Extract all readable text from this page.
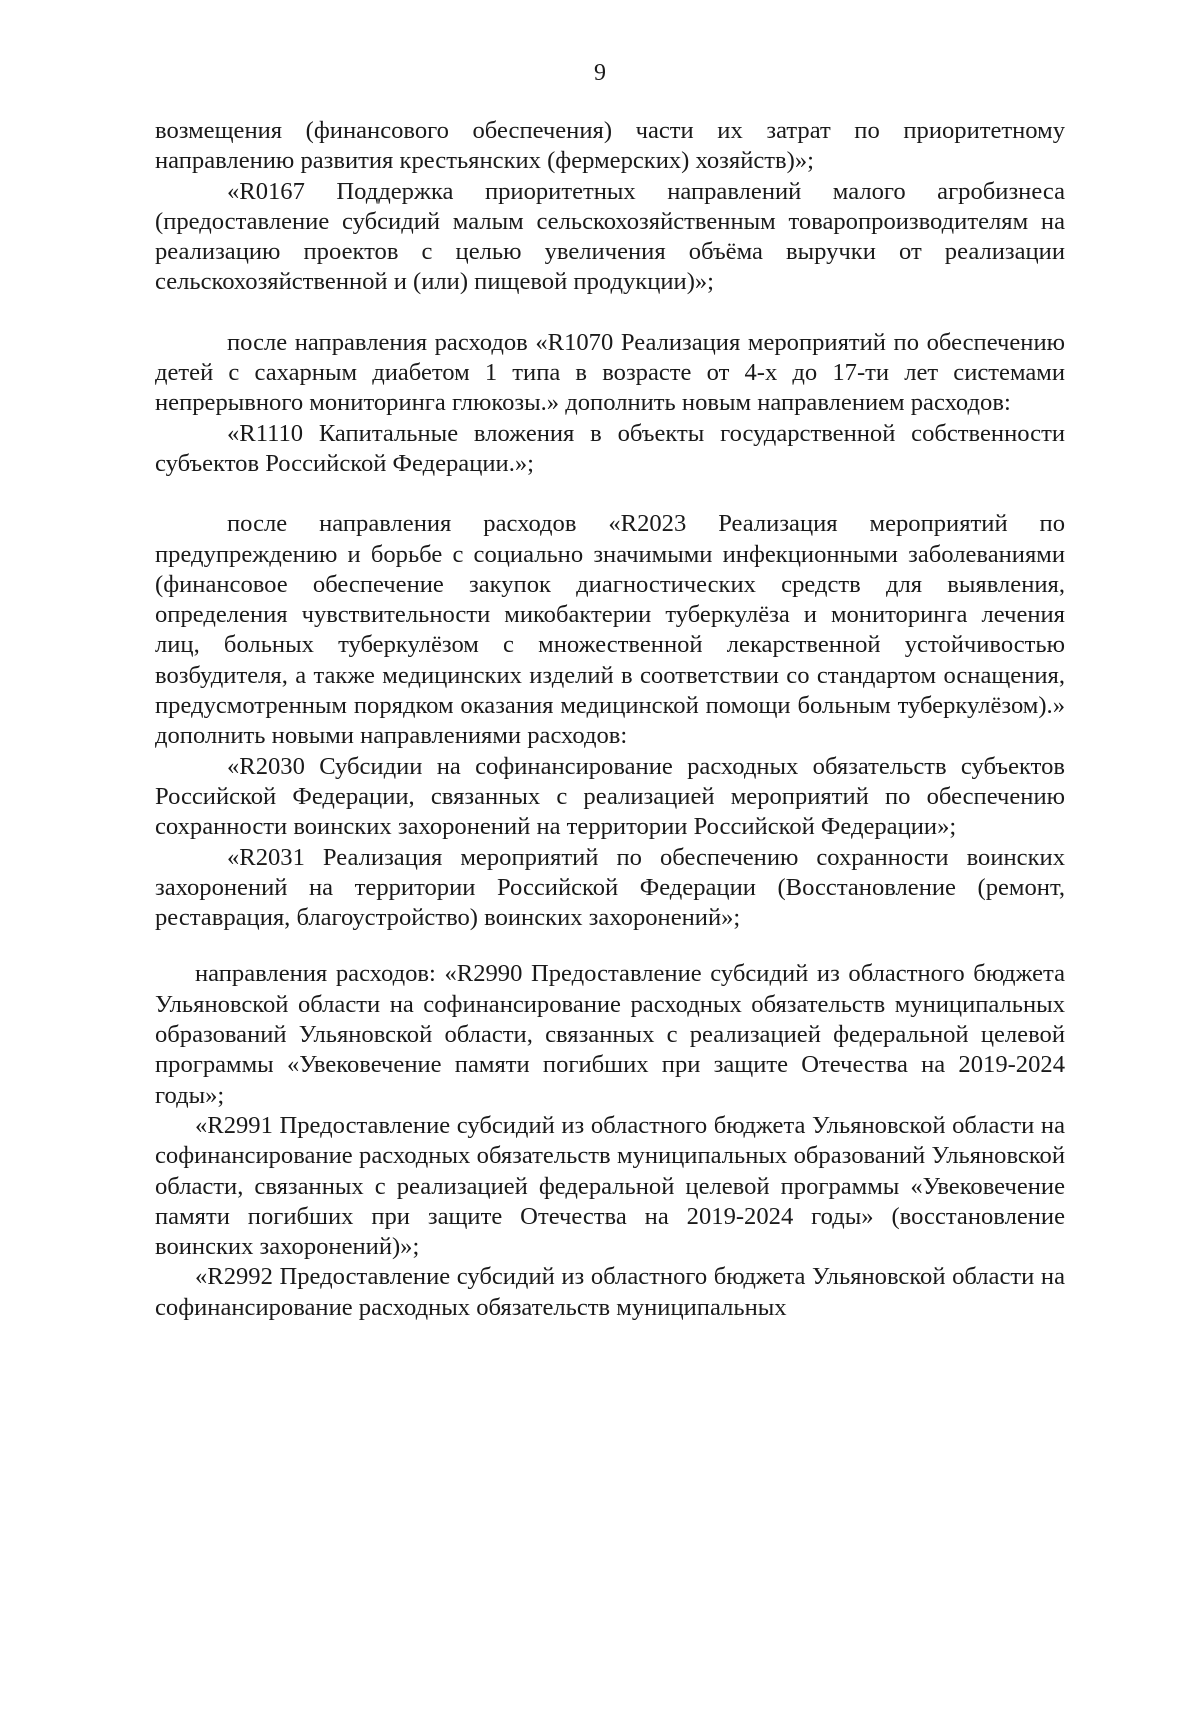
9

возмещения (финансового обеспечения) части их затрат по приоритетному направлению развития крестьянских (фермерских) хозяйств)»;

«R0167 Поддержка приоритетных направлений малого агробизнеса (предоставление субсидий малым сельскохозяйственным товаропроизводителям на реализацию проектов с целью увеличения объёма выручки от реализации сельскохозяйственной и (или) пищевой продукции)»;

после направления расходов «R1070 Реализация мероприятий по обеспечению детей с сахарным диабетом 1 типа в возрасте от 4-х до 17-ти лет системами непрерывного мониторинга глюкозы.» дополнить новым направлением расходов:

«R1110 Капитальные вложения в объекты государственной собственности субъектов Российской Федерации.»;

после направления расходов «R2023 Реализация мероприятий по предупреждению и борьбе с социально значимыми инфекционными заболеваниями (финансовое обеспечение закупок диагностических средств для выявления, определения чувствительности микобактерии туберкулёза и мониторинга лечения лиц, больных туберкулёзом с множественной лекарственной устойчивостью возбудителя, а также медицинских изделий в соответствии со стандартом оснащения, предусмотренным порядком оказания медицинской помощи больным туберкулёзом).» дополнить новыми направлениями расходов:

«R2030 Субсидии на софинансирование расходных обязательств субъектов Российской Федерации, связанных с реализацией мероприятий по обеспечению сохранности воинских захоронений на территории Российской Федерации»;

«R2031 Реализация мероприятий по обеспечению сохранности воинских захоронений на территории Российской Федерации (Восстановление (ремонт, реставрация, благоустройство) воинских захоронений»;

направления расходов: «R2990 Предоставление субсидий из областного бюджета Ульяновской области на софинансирование расходных обязательств муниципальных образований Ульяновской области, связанных с реализацией федеральной целевой программы «Увековечение памяти погибших при защите Отечества на 2019-2024 годы»;

«R2991 Предоставление субсидий из областного бюджета Ульяновской области на софинансирование расходных обязательств муниципальных образований Ульяновской области, связанных с реализацией федеральной целевой программы «Увековечение памяти погибших при защите Отечества на 2019-2024 годы» (восстановление воинских захоронений)»;

«R2992 Предоставление субсидий из областного бюджета Ульяновской области на софинансирование расходных обязательств муниципальных
